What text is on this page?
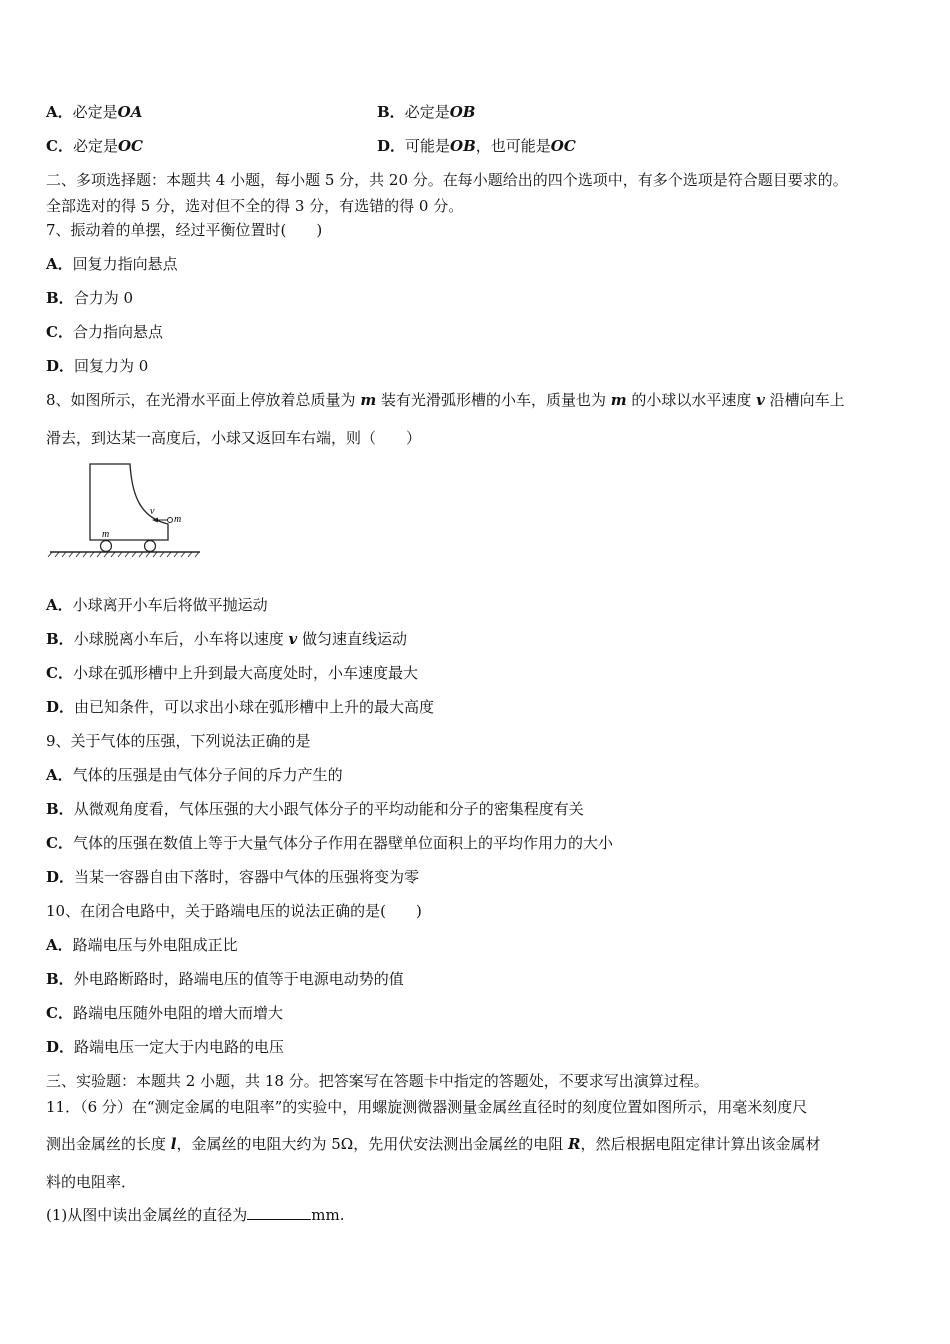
A．必定是OA	B．必定是OB
C．必定是OC	D．可能是OB，也可能是OC
二、多项选择题：本题共 4 小题，每小题 5 分，共 20 分。在每小题给出的四个选项中，有多个选项是符合题目要求的。
全部选对的得 5 分，选对但不全的得 3 分，有选错的得 0 分。
7、振动着的单摆，经过平衡位置时(　　)
A．回复力指向悬点
B．合力为 0
C．合力指向悬点
D．回复力为 0
8、如图所示，在光滑水平面上停放着总质量为 m 装有光滑弧形槽的小车，质量也为 m 的小球以水平速度 v 沿槽向车上
滑去，到达某一高度后，小球又返回车右端，则（　　）
v
m
m
A．小球离开小车后将做平抛运动
B．小球脱离小车后，小车将以速度 v 做匀速直线运动
C．小球在弧形槽中上升到最大高度处时，小车速度最大
D．由已知条件，可以求出小球在弧形槽中上升的最大高度
9、关于气体的压强，下列说法正确的是
A．气体的压强是由气体分子间的斥力产生的
B．从微观角度看，气体压强的大小跟气体分子的平均动能和分子的密集程度有关
C．气体的压强在数值上等于大量气体分子作用在器壁单位面积上的平均作用力的大小
D．当某一容器自由下落时，容器中气体的压强将变为零
10、在闭合电路中，关于路端电压的说法正确的是(　　)
A．路端电压与外电阻成正比
B．外电路断路时，路端电压的值等于电源电动势的值
C．路端电压随外电阻的增大而增大
D．路端电压一定大于内电路的电压
三、实验题：本题共 2 小题，共 18 分。把答案写在答题卡中指定的答题处，不要求写出演算过程。
11．（6 分）在“测定金属的电阻率”的实验中，用螺旋测微器测量金属丝直径时的刻度位置如图所示，用毫米刻度尺
测出金属丝的长度 l，金属丝的电阻大约为 5Ω，先用伏安法测出金属丝的电阻 R，然后根据电阻定律计算出该金属材
料的电阻率．
(1)从图中读出金属丝的直径为	mm.
